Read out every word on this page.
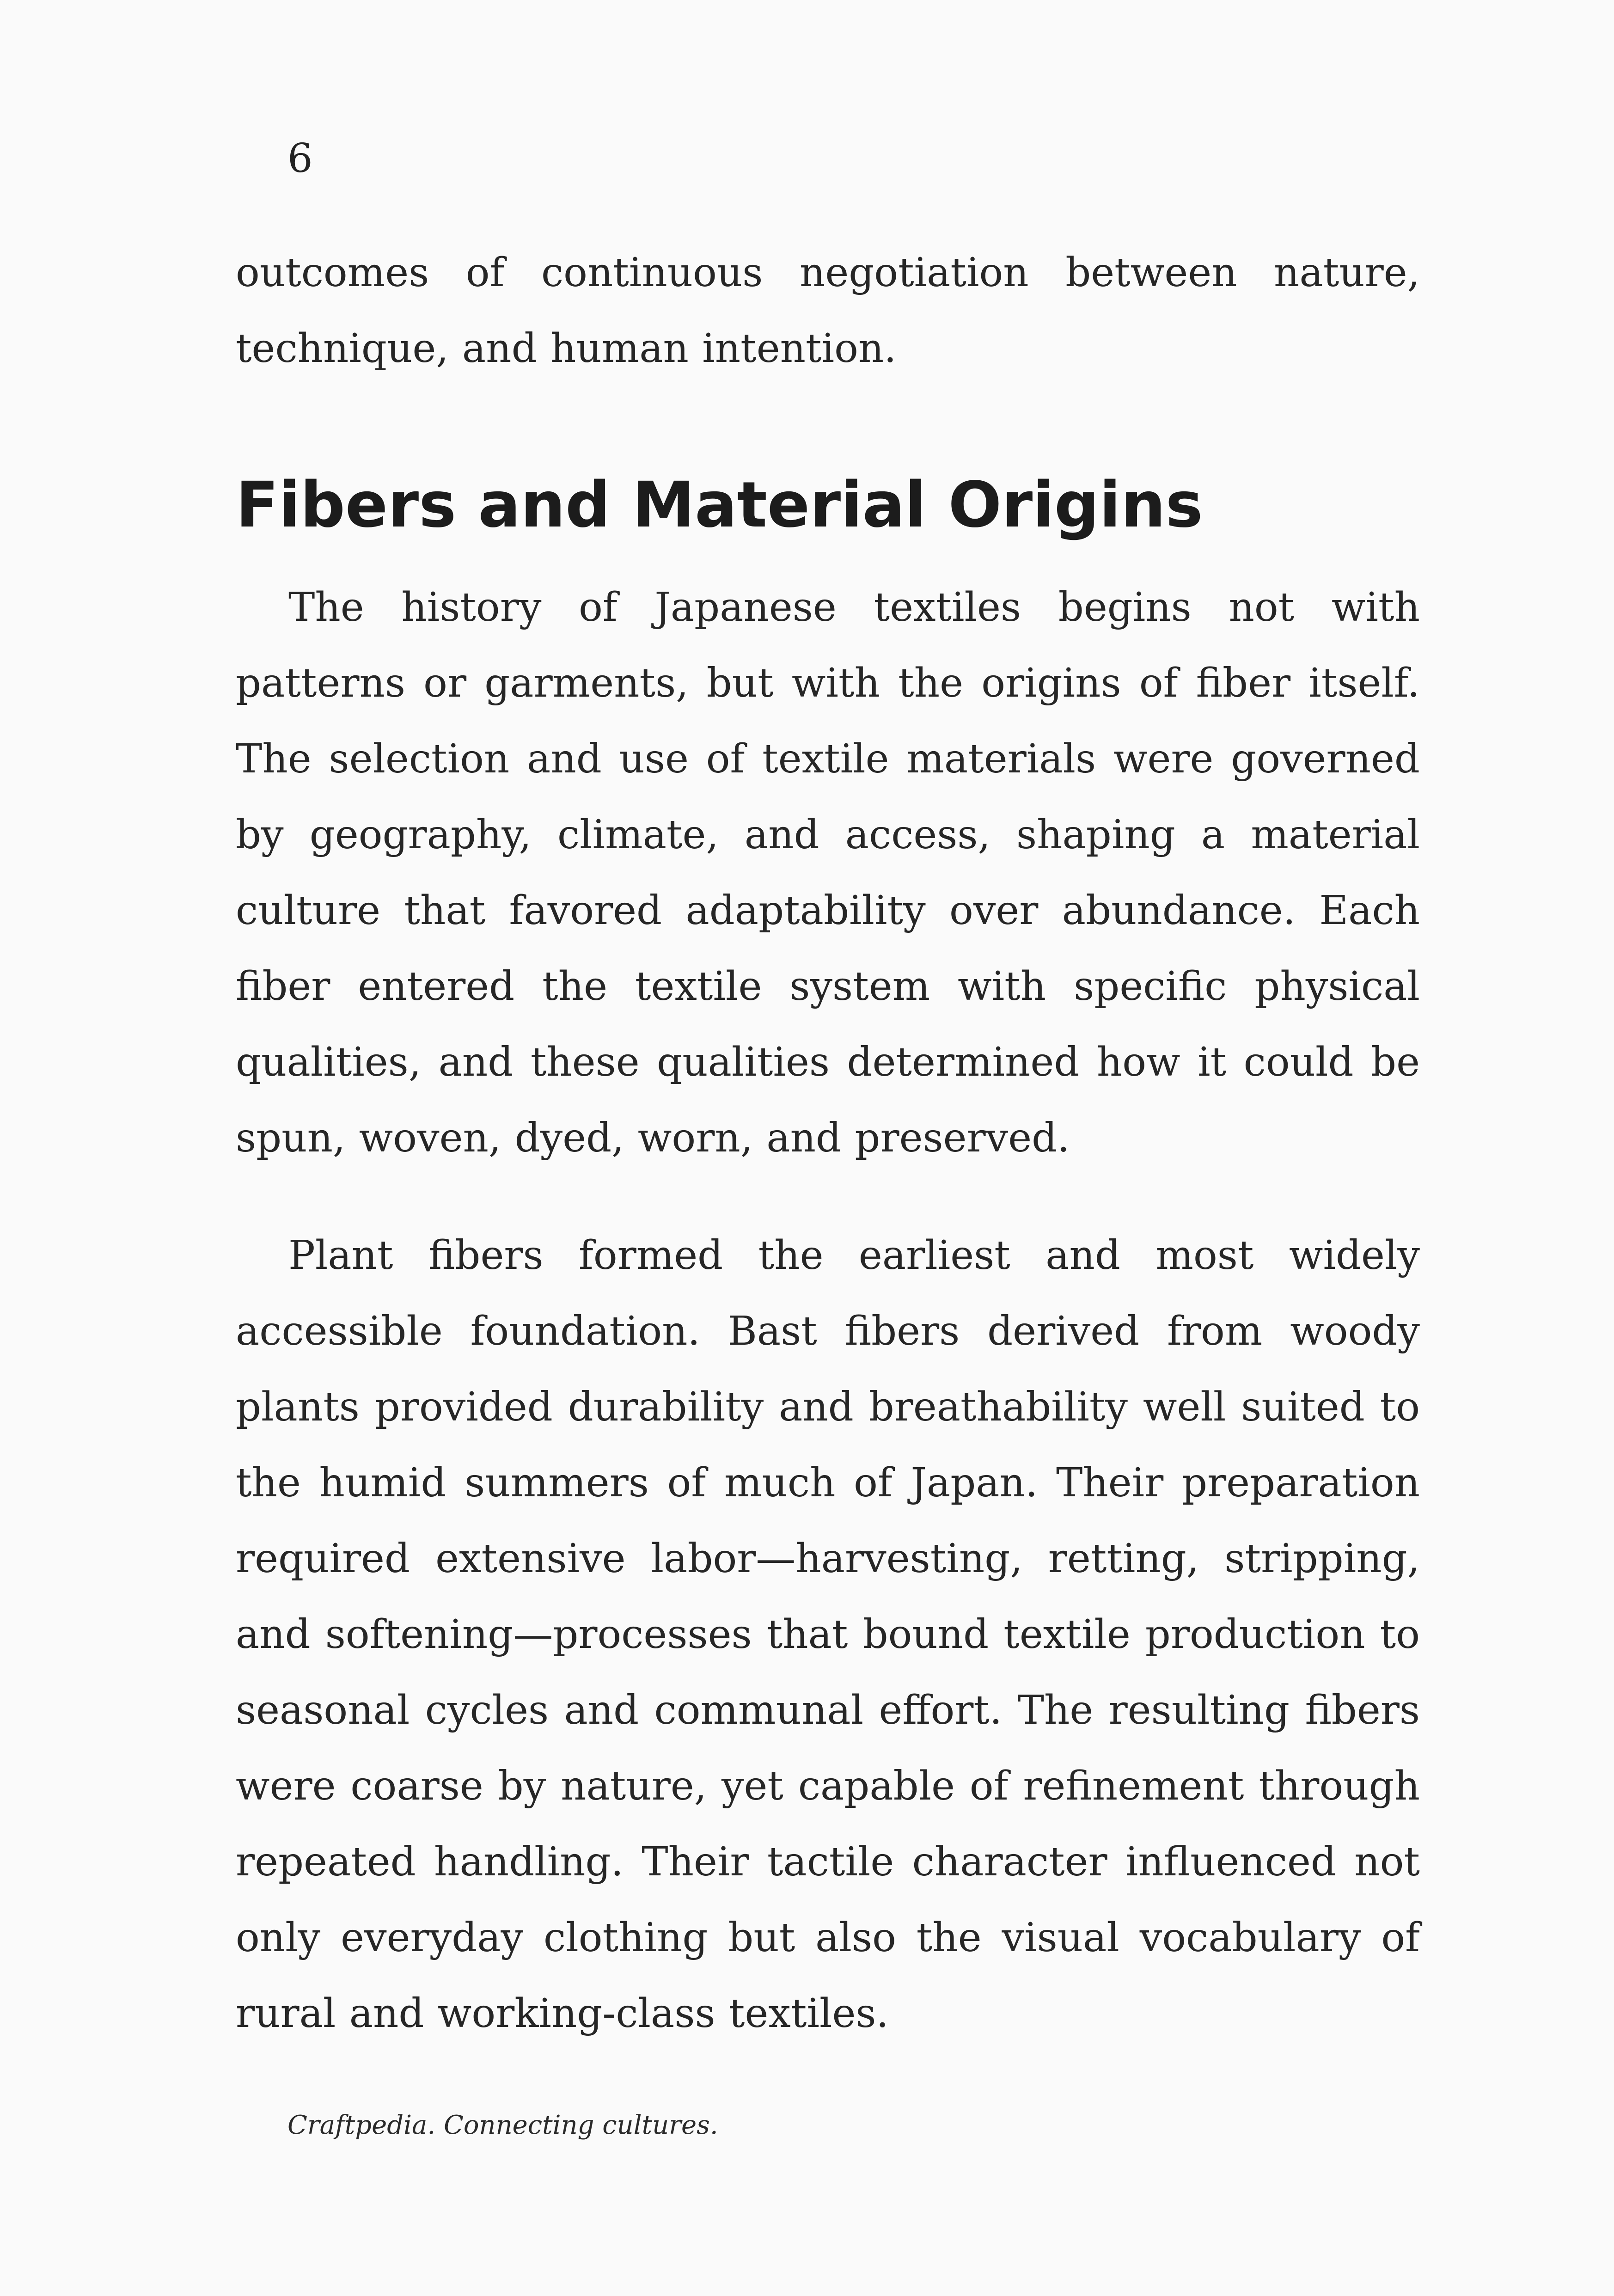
6

outcomes of continuous negotiation between nature, technique, and human intention.

Fibers and Material Origins

The history of Japanese textiles begins not with patterns or garments, but with the origins of fiber itself. The selection and use of textile materials were governed by geography, climate, and access, shaping a material culture that favored adaptability over abundance. Each fiber entered the textile system with specific physical qualities, and these qualities determined how it could be spun, woven, dyed, worn, and preserved.

Plant fibers formed the earliest and most widely accessible foundation. Bast fibers derived from woody plants provided durability and breathability well suited to the humid summers of much of Japan. Their preparation required extensive labor—harvesting, retting, stripping, and softening—processes that bound textile production to seasonal cycles and communal effort. The resulting fibers were coarse by nature, yet capable of refinement through repeated handling. Their tactile character influenced not only everyday clothing but also the visual vocabulary of rural and working-class textiles.

Craftpedia. Connecting cultures.
